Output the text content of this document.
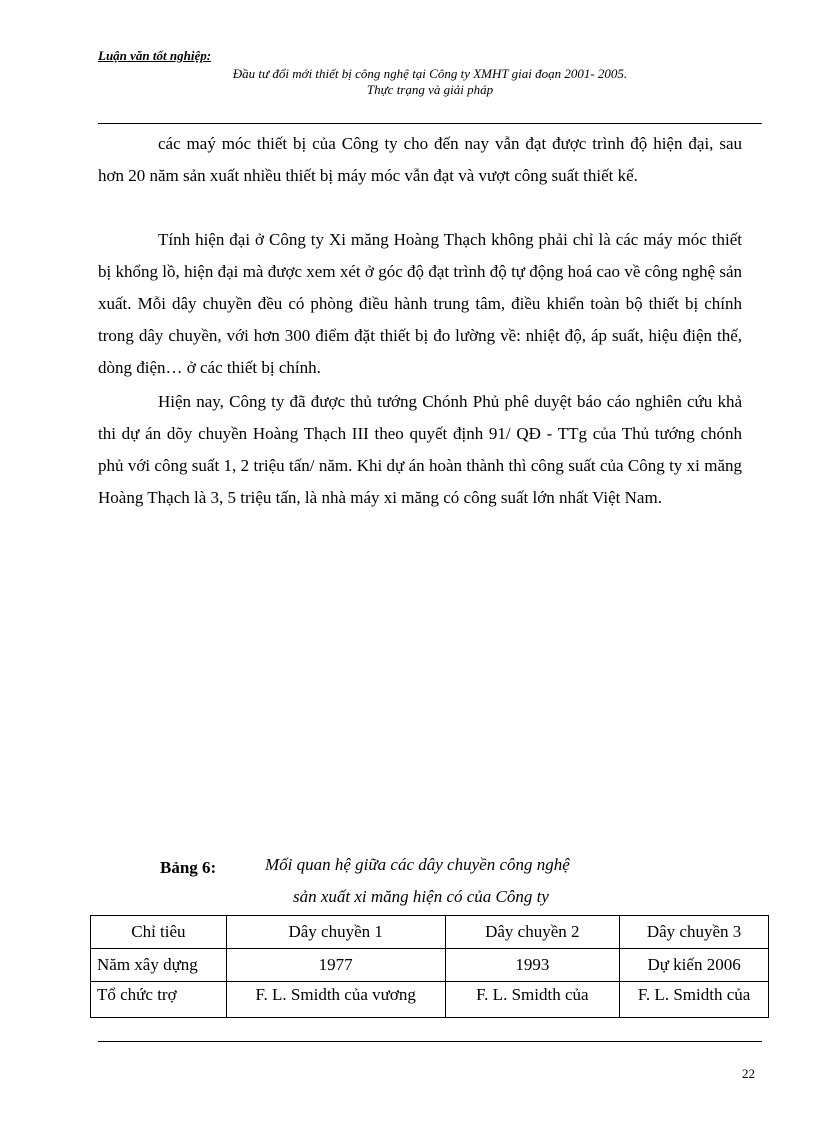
Luận văn tốt nghiệp:
Đầu tư đổi mới thiết bị công nghệ tại Công ty XMHT giai đoạn 2001- 2005.
Thực trạng và giải pháp

các maý móc thiết bị của Công ty cho đến nay vẫn đạt được trình độ hiện đại, sau hơn 20 năm sản xuất nhiều thiết bị máy móc vẫn đạt và vượt công suất thiết kế.

Tính hiện đại ở Công ty Xi măng Hoàng Thạch không phải chỉ là các máy móc thiết bị khổng lồ, hiện đại mà được xem xét ở góc độ đạt trình độ tự động hoá cao về công nghệ sản xuất. Mỗi dây chuyền đều có phòng điều hành trung tâm, điều khiển toàn bộ thiết bị chính trong dây chuyền, với hơn 300 điểm đặt thiết bị đo lường về: nhiệt độ, áp suất, hiệu điện thế, dòng điện… ở các thiết bị chính.

Hiện nay, Công ty đã được thủ tướng Chónh Phủ phê duyệt báo cáo nghiên cứu khả thi dự án dõy chuyền Hoàng Thạch III theo quyết định 91/ QĐ - TTg của Thủ tướng chónh phủ với công suất 1, 2 triệu tấn/ năm. Khi dự án hoàn thành thì công suất của Công ty xi măng Hoàng Thạch là 3, 5 triệu tấn, là nhà máy xi măng có công suất lớn nhất Việt Nam.

Bảng 6:	Mối quan hệ giữa các dây chuyền công nghệ
sản xuất xi măng hiện có của Công ty
Chỉ tiêu	Dây chuyền 1	Dây chuyền 2	Dây chuyền 3
Năm xây dựng	1977	1993	Dự kiến 2006
Tổ chức trợ	F. L. Smidth của vương	F. L. Smidth của	F. L. Smidth của
22
